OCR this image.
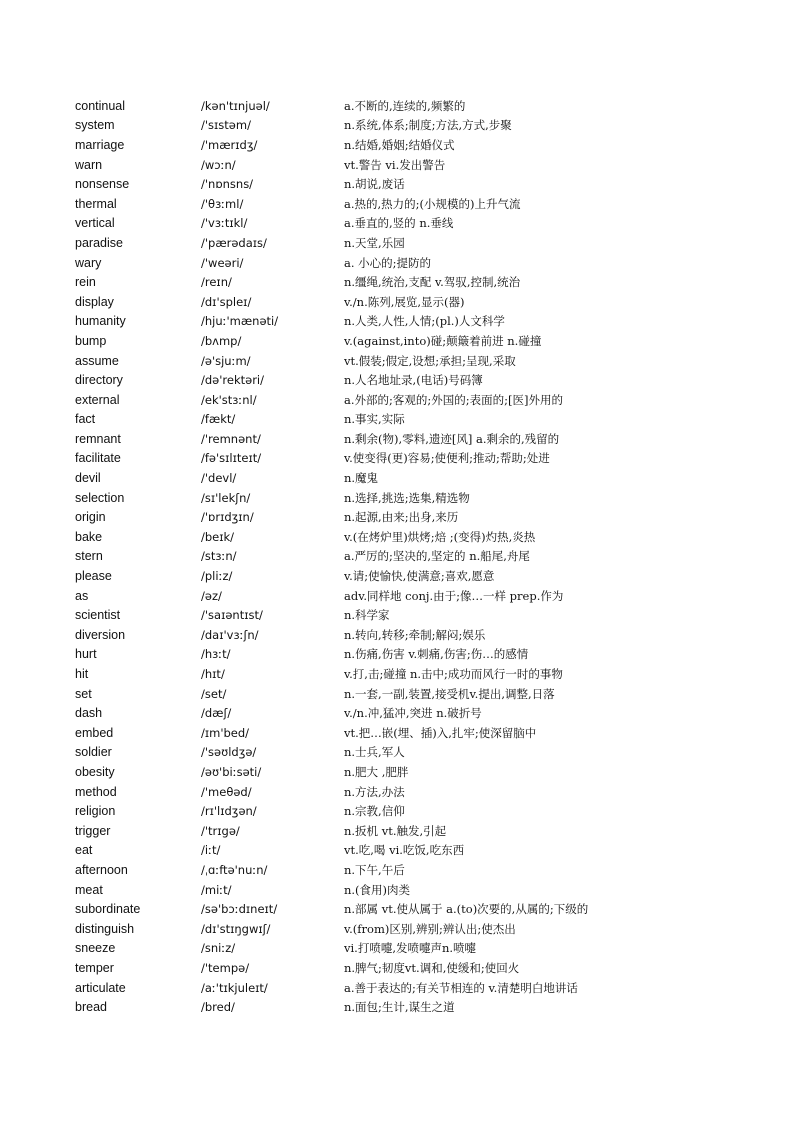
continual	/kən'tɪnjuəl/	a.不断的,连续的,频繁的
system	/'sɪstəm/	n.系统,体系;制度;方法,方式,步聚
marriage	/'mærɪdʒ/	n.结婚,婚姻;结婚仪式
warn	/wɔːn/	vt.警告 vi.发出警告
nonsense	/'nɒnsns/	n.胡说,废话
thermal	/'θɜːml/	a.热的,热力的;(小规模的)上升气流
vertical	/'vɜːtɪkl/	a.垂直的,竖的 n.垂线
paradise	/'pærədaɪs/	n.天堂,乐园
wary	/'weəri/	a. 小心的;提防的
rein	/reɪn/	n.缰绳,统治,支配 v.驾驭,控制,统治
display	/dɪ'spleɪ/	v./n.陈列,展览,显示(器)
humanity	/hjuː'mænəti/	n.人类,人性,人情;(pl.)人文科学
bump	/bʌmp/	v.(against,into)碰;颠簸着前进 n.碰撞
assume	/ə'sjuːm/	vt.假装;假定,设想;承担;呈现,采取
directory	/də'rektəri/	n.人名地址录,(电话)号码簿
external	/ek'stɜːnl/	a.外部的;客观的;外国的;表面的;[医]外用的
fact	/fækt/	n.事实,实际
remnant	/'remnənt/	n.剩余(物),零料,遗迹[风] a.剩余的,残留的
facilitate	/fə'sɪlɪteɪt/	v.使变得(更)容易;使便利;推动;帮助;处进
devil	/'devl/	n.魔鬼
selection	/sɪ'lekʃn/	n.选择,挑选;选集,精选物
origin	/'ɒrɪdʒɪn/	n.起源,由来;出身,来历
bake	/beɪk/	v.(在烤炉里)烘烤;焙 ;(变得)灼热,炎热
stern	/stɜːn/	a.严厉的;坚决的,坚定的 n.船尾,舟尾
please	/pliːz/	v.请;使愉快,使满意;喜欢,愿意
as	/əz/	adv.同样地 conj.由于;像…一样 prep.作为
scientist	/'saɪəntɪst/	n.科学家
diversion	/daɪ'vɜːʃn/	n.转向,转移;牵制;解闷;娱乐
hurt	/hɜːt/	n.伤痛,伤害 v.刺痛,伤害;伤…的感情
hit	/hɪt/	v.打,击;碰撞 n.击中;成功而风行一时的事物
set	/set/	n.一套,一副,装置,接受机v.提出,调整,日落
dash	/dæʃ/	v./n.冲,猛冲,突进 n.破折号
embed	/ɪm'bed/	vt.把…嵌(埋、插)入,扎牢;使深留脑中
soldier	/'səʊldʒə/	n.士兵,军人
obesity	/əʊ'biːsəti/	n.肥大 ,肥胖
method	/'meθəd/	n.方法,办法
religion	/rɪ'lɪdʒən/	n.宗教,信仰
trigger	/'trɪgə/	n.扳机 vt.触发,引起
eat	/iːt/	vt.吃,喝 vi.吃饭,吃东西
afternoon	/ˌɑːftə'nuːn/	n.下午,午后
meat	/miːt/	n.(食用)肉类
subordinate	/sə'bɔːdɪneɪt/	n.部属 vt.使从属于 a.(to)次要的,从属的;下级的
distinguish	/dɪ'stɪŋgwɪʃ/	v.(from)区别,辨别;辨认出;使杰出
sneeze	/sniːz/	vi.打喷嚏,发喷嚏声n.喷嚏
temper	/'tempə/	n.脾气;韧度vt.调和,使缓和;使回火
articulate	/aː'tɪkjuleɪt/	a.善于表达的;有关节相连的 v.清楚明白地讲话
bread	/bred/	n.面包;生计,谋生之道
